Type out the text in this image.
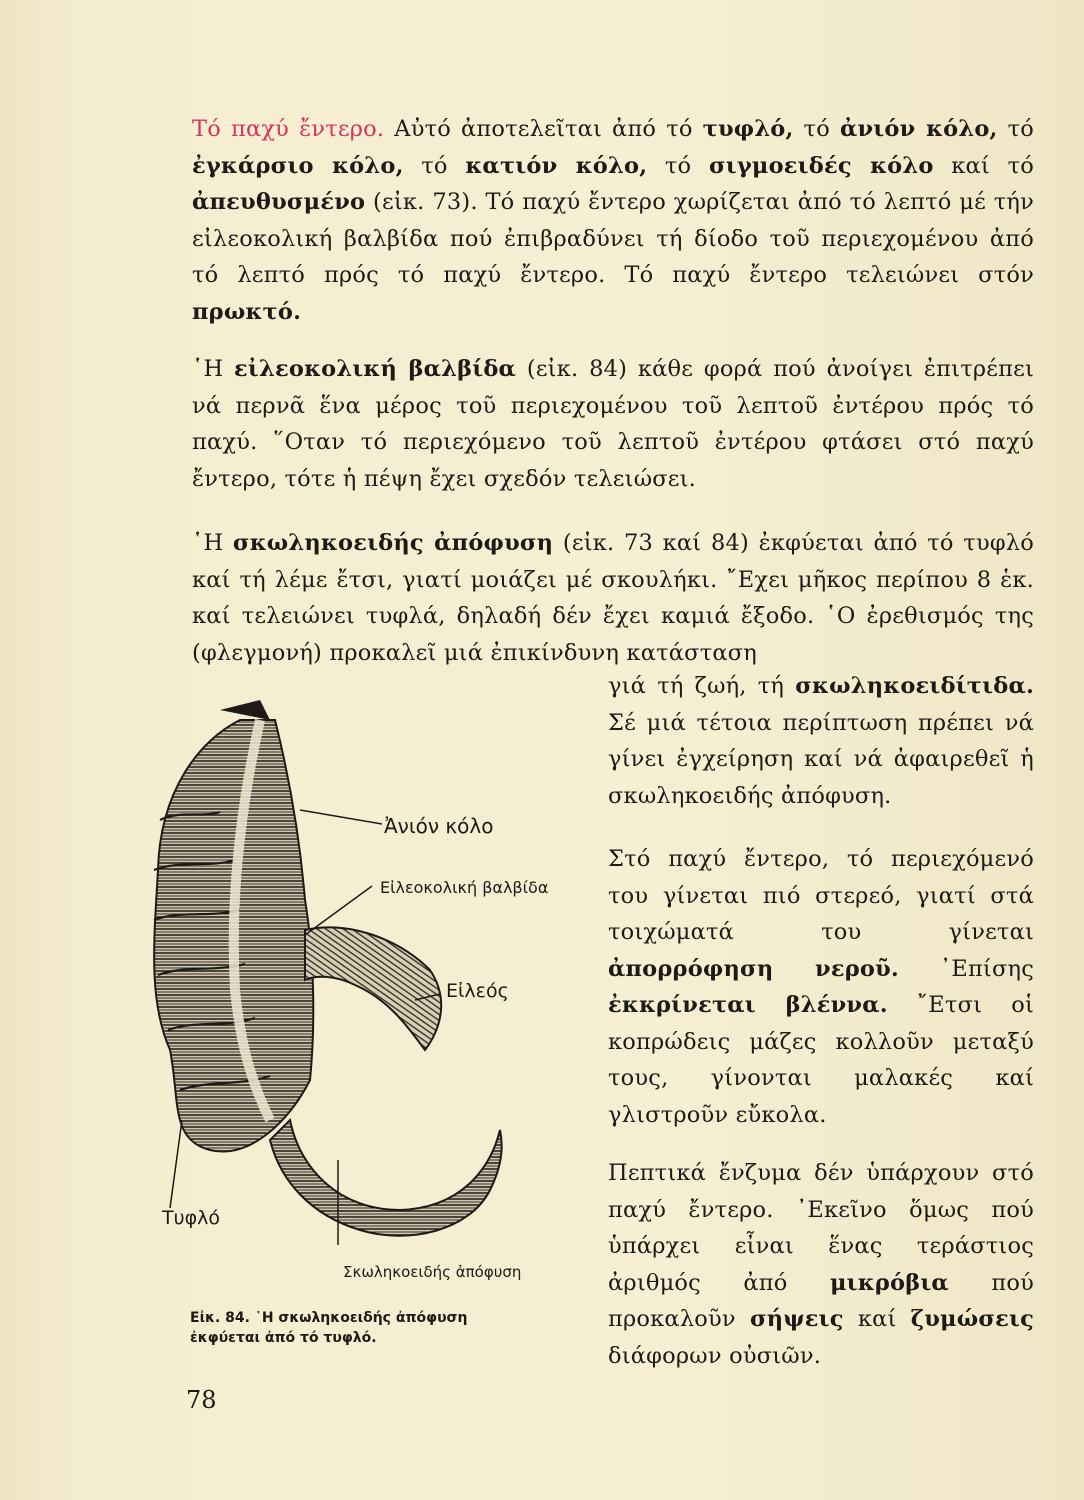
Τό παχύ ἔντερο. Αὐτό ἀποτελεῖται ἀπό τό τυφλό, τό ἀνιόν κόλο, τό ἐγκάρσιο κόλο, τό κατιόν κόλο, τό σιγμοειδές κόλο καί τό ἀπευθυσμένο (εἰκ. 73). Τό παχύ ἔντερο χωρίζεται ἀπό τό λεπτό μέ τήν εἰλεοκολική βαλβίδα πού ἐπιβραδύνει τή δίοδο τοῦ περιεχομένου ἀπό τό λεπτό πρός τό παχύ ἔντερο. Τό παχύ ἔντερο τελειώνει στόν πρωκτό.

῾Η εἰλεοκολική βαλβίδα (εἰκ. 84) κάθε φορά πού ἀνοίγει ἐπιτρέπει νά περνᾶ ἕνα μέρος τοῦ περιεχομένου τοῦ λεπτοῦ ἐντέρου πρός τό παχύ. ῞Οταν τό περιεχόμενο τοῦ λεπτοῦ ἐντέρου φτάσει στό παχύ ἔντερο, τότε ἡ πέψη ἔχει σχεδόν τελειώσει.

῾Η σκωληκοειδής ἀπόφυση (εἰκ. 73 καί 84) ἐκφύεται ἀπό τό τυφλό καί τή λέμε ἔτσι, γιατί μοιάζει μέ σκουλήκι. ῎Εχει μῆκος περίπου 8 ἑκ. καί τελειώνει τυφλά, δηλαδή δέν ἔχει καμιά ἔξοδο. ῾Ο ἐρεθισμός της (φλεγμονή) προκαλεῖ μιά ἐπικίνδυνη κατάσταση

γιά τή ζωή, τή σκωληκοειδίτιδα. Σέ μιά τέτοια περίπτωση πρέπει νά γίνει ἐγχείρηση καί νά ἀφαιρεθεῖ ἡ σκωληκοειδής ἀπόφυση.

Στό παχύ ἔντερο, τό περιεχόμενό του γίνεται πιό στερεό, γιατί στά τοιχώματά του γίνεται ἀπορρόφηση νεροῦ. ᾿Επίσης ἐκκρίνεται βλέννα. ῎Ετσι οἱ κοπρώδεις μάζες κολλοῦν μεταξύ τους, γίνονται μαλακές καί γλιστροῦν εὔκολα.

Πεπτικά ἔνζυμα δέν ὑπάρχουν στό παχύ ἔντερο. ᾿Εκεῖνο ὅμως πού ὑπάρχει εἶναι ἕνας τεράστιος ἀριθμός ἀπό μικρόβια πού προκαλοῦν σήψεις καί ζυμώσεις διάφορων οὐσιῶν.

Ἀνιόν κόλο
Εἰλεοκολική βαλβίδα
Εἰλεός
Τυφλό
Σκωληκοειδής ἀπόφυση
Εἰκ. 84. ῾Η σκωληκοειδής ἀπόφυση
ἐκφύεται ἀπό τό τυφλό.
78
